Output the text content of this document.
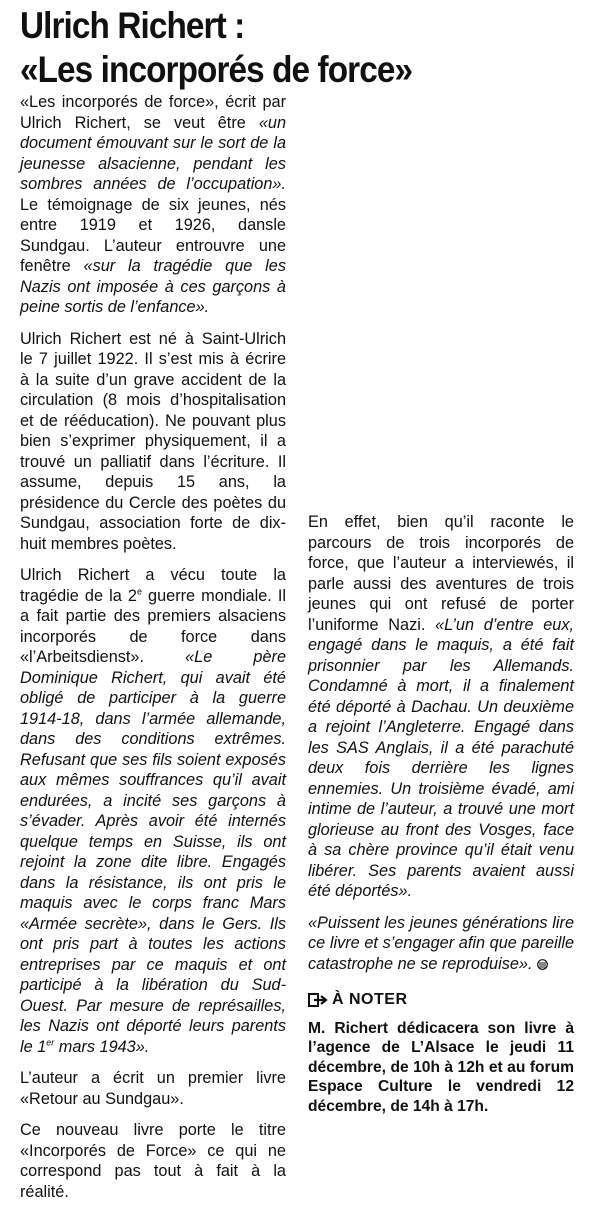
Ulrich Richert :
«Les incorporés de force»

«Les incorporés de force», écrit par Ulrich Richert, se veut être «un document émouvant sur le sort de la jeunesse alsacienne, pendant les sombres années de l’occupation». Le témoignage de six jeunes, nés entre 1919 et 1926, dansle Sundgau. L’auteur entrouvre une fenêtre «sur la tragédie que les Nazis ont imposée à ces garçons à peine sortis de l’enfance».

Ulrich Richert est né à Saint-Ulrich le 7 juillet 1922. Il s’est mis à écrire à la suite d’un grave accident de la circulation (8 mois d’hospitalisation et de rééducation). Ne pouvant plus bien s’exprimer physiquement, il a trouvé un palliatif dans l’écriture. Il assume, depuis 15 ans, la présidence du Cercle des poètes du Sundgau, association forte de dix-huit membres poètes.

Ulrich Richert a vécu toute la tragédie de la 2e guerre mondiale. Il a fait partie des premiers alsaciens incorporés de force dans «l’Arbeitsdienst». «Le père Dominique Richert, qui avait été obligé de participer à la guerre 1914-18, dans l’armée allemande, dans des conditions extrêmes. Refusant que ses fils soient exposés aux mêmes souffrances qu’il avait endurées, a incité ses garçons à s’évader. Après avoir été internés quelque temps en Suisse, ils ont rejoint la zone dite libre. Engagés dans la résistance, ils ont pris le maquis avec le corps franc Mars «Armée secrète», dans le Gers. Ils ont pris part à toutes les actions entreprises par ce maquis et ont participé à la libération du Sud-Ouest. Par mesure de représailles, les Nazis ont déporté leurs parents le 1er mars 1943».

L’auteur a écrit un premier livre «Retour au Sundgau».

Ce nouveau livre porte le titre «Incorporés de Force» ce qui ne correspond pas tout à fait à la réalité.

En effet, bien qu’il raconte le parcours de trois incorporés de force, que l’auteur a interviewés, il parle aussi des aventures de trois jeunes qui ont refusé de porter l’uniforme Nazi. «L’un d’entre eux, engagé dans le maquis, a été fait prisonnier par les Allemands. Condamné à mort, il a finalement été déporté à Dachau. Un deuxième a rejoint l’Angleterre. Engagé dans les SAS Anglais, il a été parachuté deux fois derrière les lignes ennemies. Un troisième évadé, ami intime de l’auteur, a trouvé une mort glorieuse au front des Vosges, face à sa chère province qu’il était venu libérer. Ses parents avaient aussi été déportés».

«Puissent les jeunes générations lire ce livre et s’engager afin que pareille catastrophe ne se reproduise».

À NOTER
M. Richert dédicacera son livre à l’agence de L’Alsace le jeudi 11 décembre, de 10h à 12h et au forum Espace Culture le vendredi 12 décembre, de 14h à 17h.
